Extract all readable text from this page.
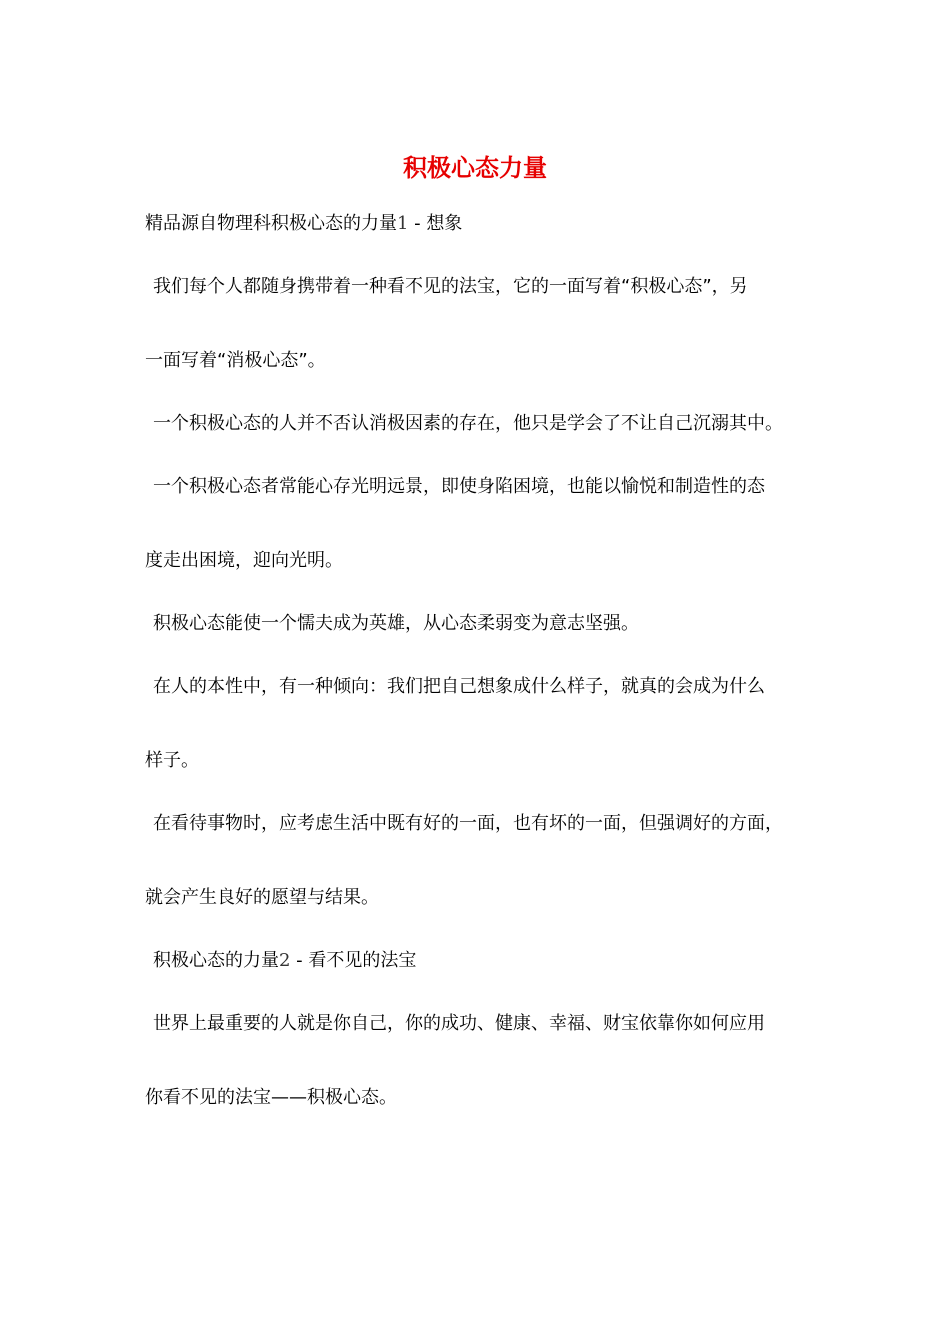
积极心态力量
精品源自物理科积极心态的力量1 - 想象
我们每个人都随身携带着一种看不见的法宝，它的一面写着“积极心态”，另
一面写着“消极心态”。
一个积极心态的人并不否认消极因素的存在，他只是学会了不让自己沉溺其中。
一个积极心态者常能心存光明远景，即使身陷困境，也能以愉悦和制造性的态
度走出困境，迎向光明。
积极心态能使一个懦夫成为英雄，从心态柔弱变为意志坚强。
在人的本性中，有一种倾向：我们把自己想象成什么样子，就真的会成为什么
样子。
在看待事物时，应考虑生活中既有好的一面，也有坏的一面，但强调好的方面，
就会产生良好的愿望与结果。
积极心态的力量2 - 看不见的法宝
世界上最重要的人就是你自己，你的成功、健康、幸福、财宝依靠你如何应用
你看不见的法宝——积极心态。
